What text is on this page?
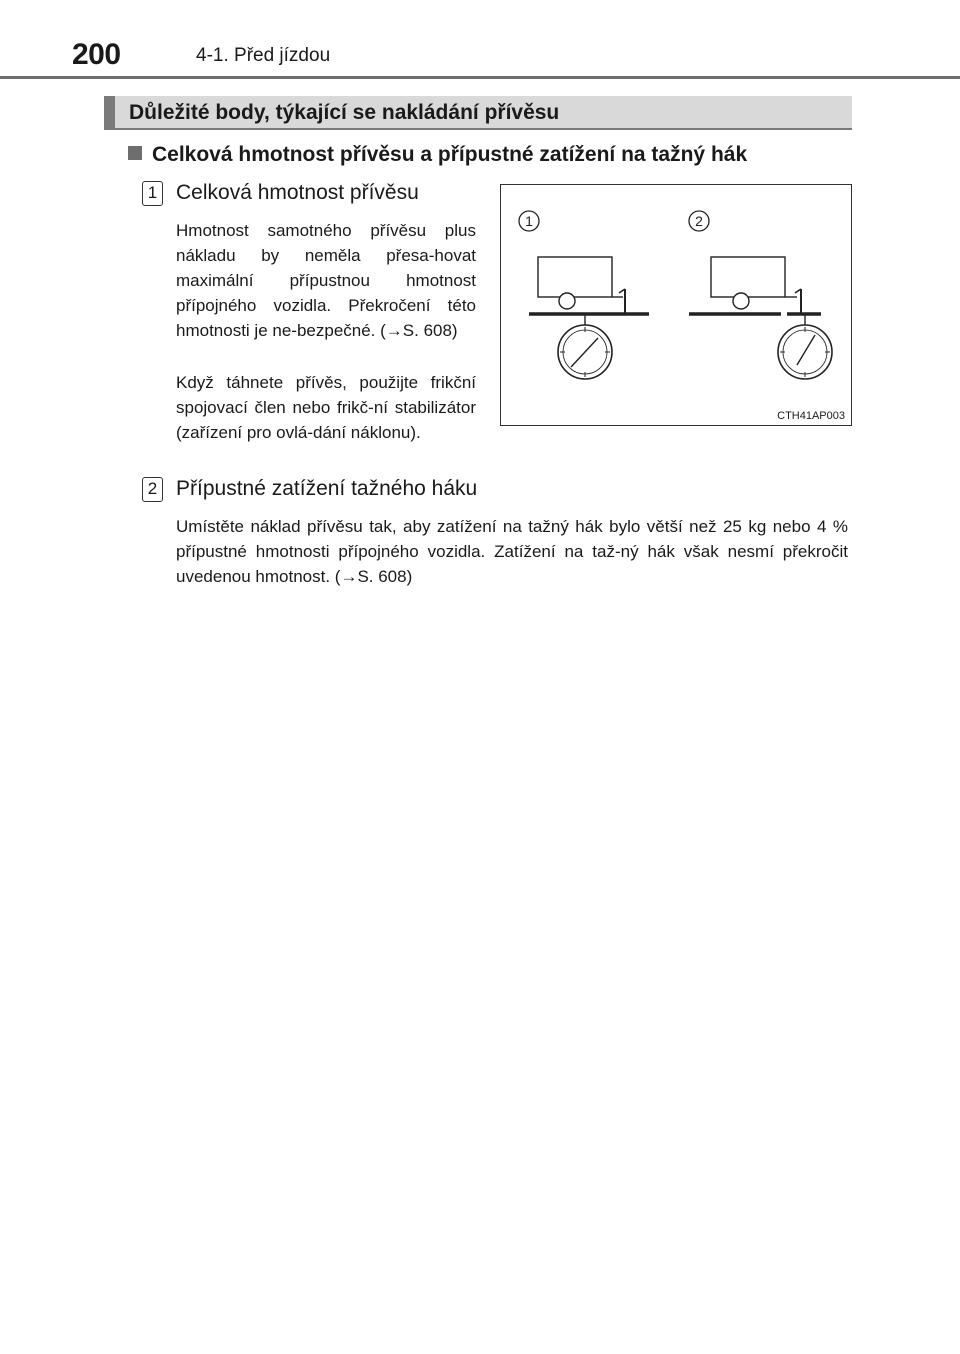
200	4-1. Před jízdou
Důležité body, týkající se nakládání přívěsu
Celková hmotnost přívěsu a přípustné zatížení na tažný hák
1 Celková hmotnost přívěsu

Hmotnost samotného přívěsu plus nákladu by neměla přesa-hovat maximální přípustnou hmotnost přípojného vozidla. Překročení této hmotnosti je ne-bezpečné. (→S. 608)

Když táhnete přívěs, použijte frikční spojovací člen nebo frikč-ní stabilizátor (zařízení pro ovlá-dání náklonu).

1	2
CTH41AP003
2 Přípustné zatížení tažného háku

Umístěte náklad přívěsu tak, aby zatížení na tažný hák bylo větší než 25 kg nebo 4 % přípustné hmotnosti přípojného vozidla. Zatížení na taž-ný hák však nesmí překročit uvedenou hmotnost. (→S. 608)
